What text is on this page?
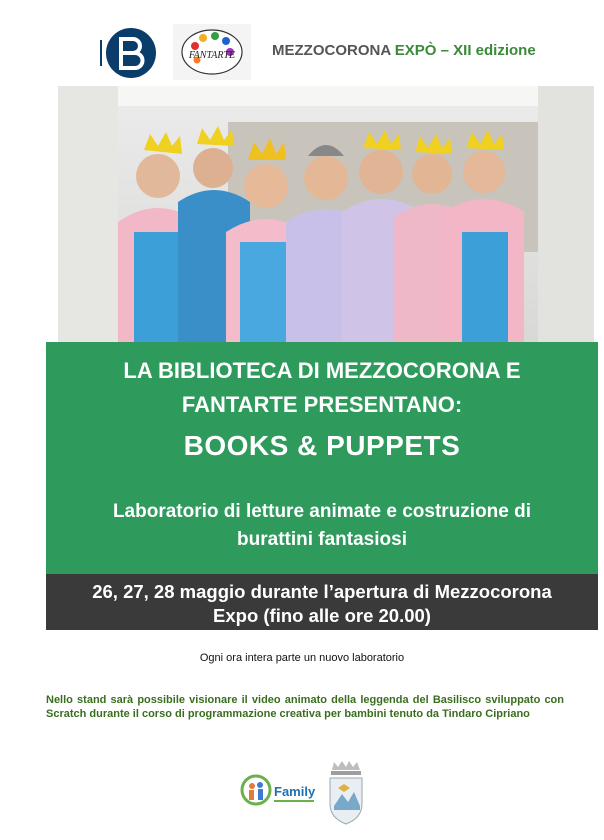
FANTARTE MEZZOCORONA EXPÒ – XII edizione
LA BIBLIOTECA DI MEZZOCORONA E
FANTARTE PRESENTANO:
BOOKS & PUPPETS
Laboratorio di letture animate e costruzione di
burattini fantasiosi
26, 27, 28 maggio durante l’apertura di Mezzocorona
Expo (fino alle ore 20.00)
Ogni ora intera parte un nuovo laboratorio
Nello stand sarà possibile visionare il video animato della leggenda del Basilisco sviluppato con Scratch durante il corso di programmazione creativa per bambini tenuto da Tindaro Cipriano
Family
